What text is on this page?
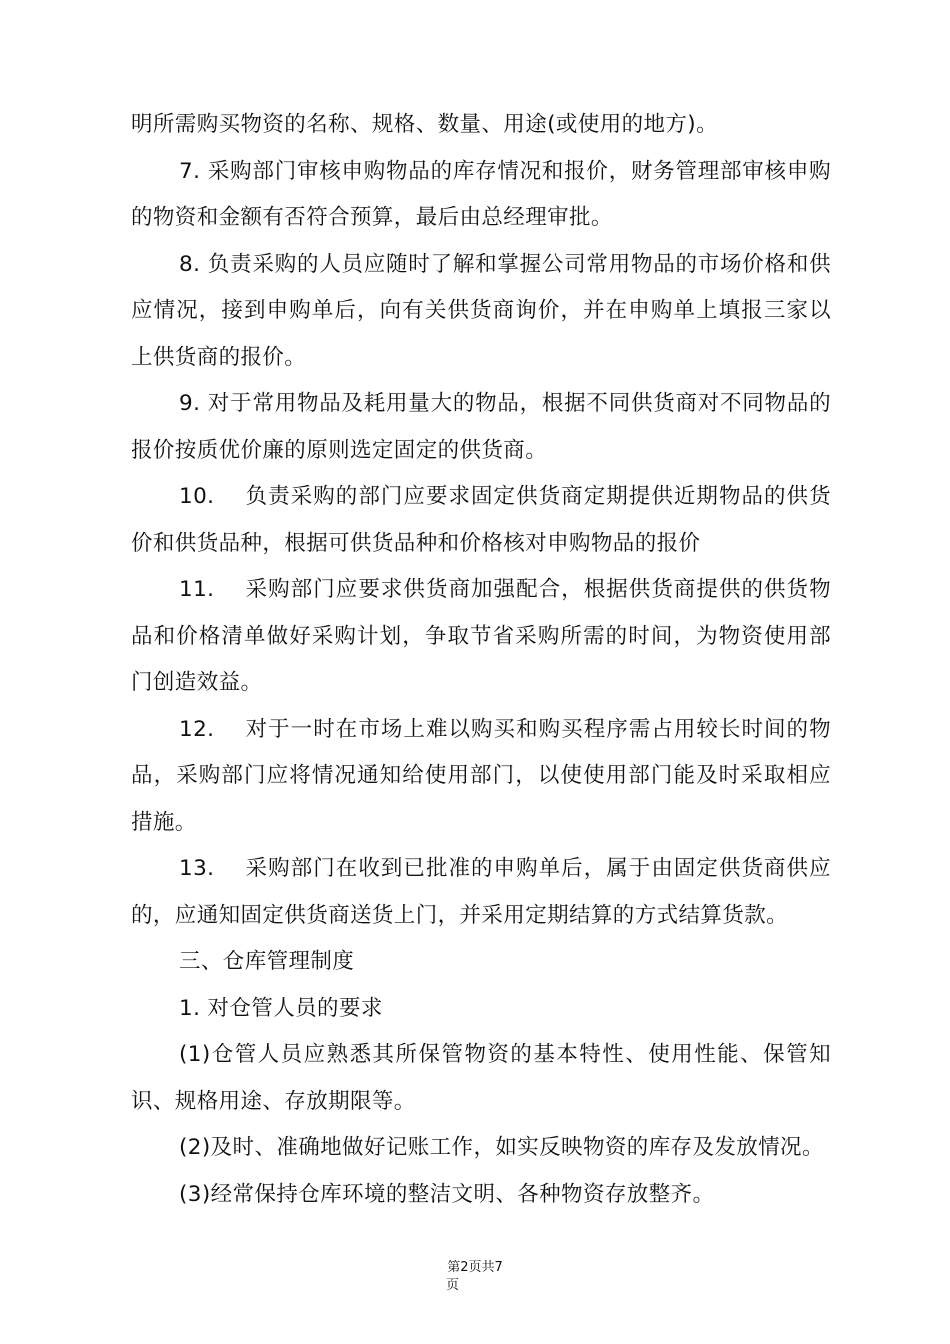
明所需购买物资的名称、规格、数量、用途(或使用的地方)。

7. 采购部门审核申购物品的库存情况和报价，财务管理部审核申购的物资和金额有否符合预算，最后由总经理审批。

8. 负责采购的人员应随时了解和掌握公司常用物品的市场价格和供应情况，接到申购单后，向有关供货商询价，并在申购单上填报三家以上供货商的报价。

9. 对于常用物品及耗用量大的物品，根据不同供货商对不同物品的报价按质优价廉的原则选定固定的供货商。

10. 负责采购的部门应要求固定供货商定期提供近期物品的供货价和供货品种，根据可供货品种和价格核对申购物品的报价

11. 采购部门应要求供货商加强配合，根据供货商提供的供货物品和价格清单做好采购计划，争取节省采购所需的时间，为物资使用部门创造效益。

12. 对于一时在市场上难以购买和购买程序需占用较长时间的物品，采购部门应将情况通知给使用部门，以使使用部门能及时采取相应措施。

13. 采购部门在收到已批准的申购单后，属于由固定供货商供应的，应通知固定供货商送货上门，并采用定期结算的方式结算货款。

三、仓库管理制度

1. 对仓管人员的要求

(1)仓管人员应熟悉其所保管物资的基本特性、使用性能、保管知识、规格用途、存放期限等。

(2)及时、准确地做好记账工作，如实反映物资的库存及发放情况。

(3)经常保持仓库环境的整洁文明、各种物资存放整齐。

第2页共7
页
